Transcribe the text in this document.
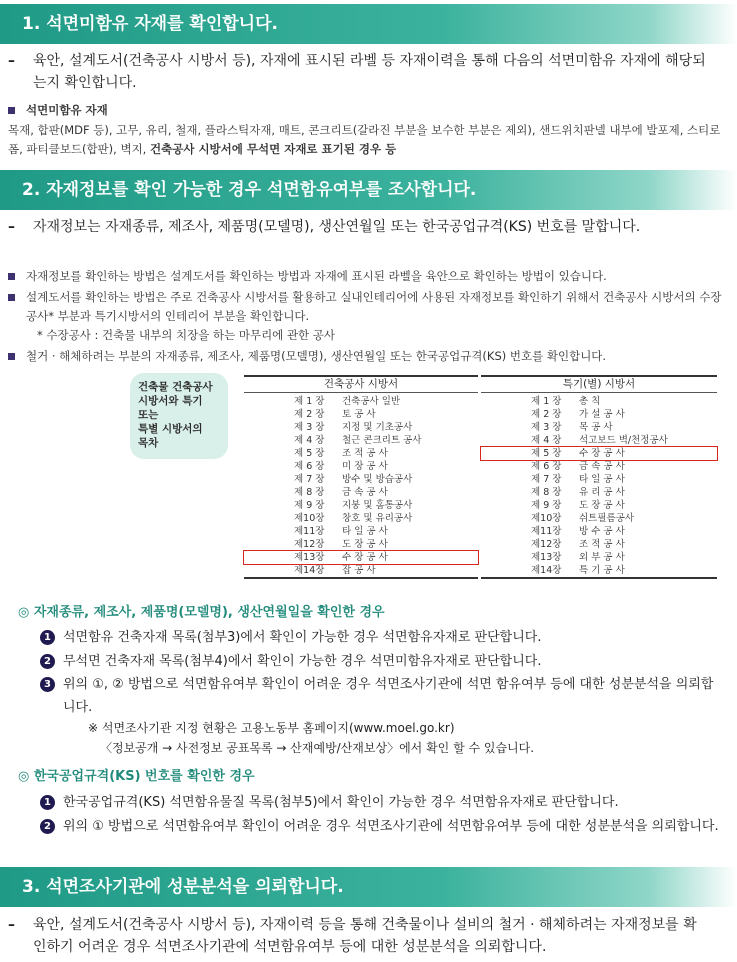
1. 석면미함유 자재를 확인합니다.
–	육안, 설계도서(건축공사 시방서 등), 자재에 표시된 라벨 등 자재이력을 통해 다음의 석면미함유 자재에 해당되는지 확인합니다.
석면미함유 자재
목재, 합판(MDF 등), 고무, 유리, 철재, 플라스틱자재, 매트, 콘크리트(갈라진 부분을 보수한 부분은 제외), 샌드위치판넬 내부에 발포제, 스티로폼, 파티클보드(합판), 벽지, 건축공사 시방서에 무석면 자재로 표기된 경우 등
2. 자재정보를 확인 가능한 경우 석면함유여부를 조사합니다.
–	자재정보는 자재종류, 제조사, 제품명(모델명), 생산연월일 또는 한국공업규격(KS) 번호를 말합니다.
자재정보를 확인하는 방법은 설계도서를 확인하는 방법과 자재에 표시된 라벨을 육안으로 확인하는 방법이 있습니다.
설계도서를 확인하는 방법은 주로 건축공사 시방서를 활용하고 실내인테리어에 사용된 자재정보를 확인하기 위해서 건축공사 시방서의 수장공사* 부분과 특기시방서의 인테리어 부분을 확인합니다.
* 수장공사 : 건축물 내부의 치장을 하는 마무리에 관한 공사
철거 · 해체하려는 부분의 자재종류, 제조사, 제품명(모델명), 생산연월일 또는 한국공업규격(KS) 번호를 확인합니다.
건축물 건축공사
시방서와 특기
또는
특별 시방서의
목차
건축공사 시방서
제 1 장 건축공사 일반
제 2 장 토 공 사
제 3 장 지정 및 기초공사
제 4 장 철근 콘크리트 공사
제 5 장 조 적 공 사
제 6 장 미 장 공 사
제 7 장 방수 및 방습공사
제 8 장 금 속 공 사
제 9 장 지붕 및 홈통공사
제10장 창호 및 유리공사
제11장 타 일 공 사
제12장 도 장 공 사
제13장 수 장 공 사
제14장 잡 공 사
특기(별) 시방서
제 1 장 총 칙
제 2 장 가 설 공 사
제 3 장 목 공 사
제 4 장 석고보드 벽/천정공사
제 5 장 수 장 공 사
제 6 장 금 속 공 사
제 7 장 타 일 공 사
제 8 장 유 리 공 사
제 9 장 도 장 공 사
제10장 쉬트필름공사
제11장 방 수 공 사
제12장 조 적 공 사
제13장 외 부 공 사
제14장 특 기 공 사
◎ 자재종류, 제조사, 제품명(모델명), 생산연월일을 확인한 경우
1 석면함유 건축자재 목록(첨부3)에서 확인이 가능한 경우 석면함유자재로 판단합니다.
2 무석면 건축자재 목록(첨부4)에서 확인이 가능한 경우 석면미함유자재로 판단합니다.
3 위의 ①, ② 방법으로 석면함유여부 확인이 어려운 경우 석면조사기관에 석면 함유여부 등에 대한 성분분석을 의뢰합니다.
※ 석면조사기관 지정 현황은 고용노동부 홈페이지(www.moel.go.kr)
〈정보공개 → 사전정보 공표목록 → 산재예방/산재보상〉에서 확인 할 수 있습니다.
◎ 한국공업규격(KS) 번호를 확인한 경우
1 한국공업규격(KS) 석면함유물질 목록(첨부5)에서 확인이 가능한 경우 석면함유자재로 판단합니다.
2 위의 ① 방법으로 석면함유여부 확인이 어려운 경우 석면조사기관에 석면함유여부 등에 대한 성분분석을 의뢰합니다.
3. 석면조사기관에 성분분석을 의뢰합니다.
–	육안, 설계도서(건축공사 시방서 등), 자재이력 등을 통해 건축물이나 설비의 철거 · 해체하려는 자재정보를 확인하기 어려운 경우 석면조사기관에 석면함유여부 등에 대한 성분분석을 의뢰합니다.
